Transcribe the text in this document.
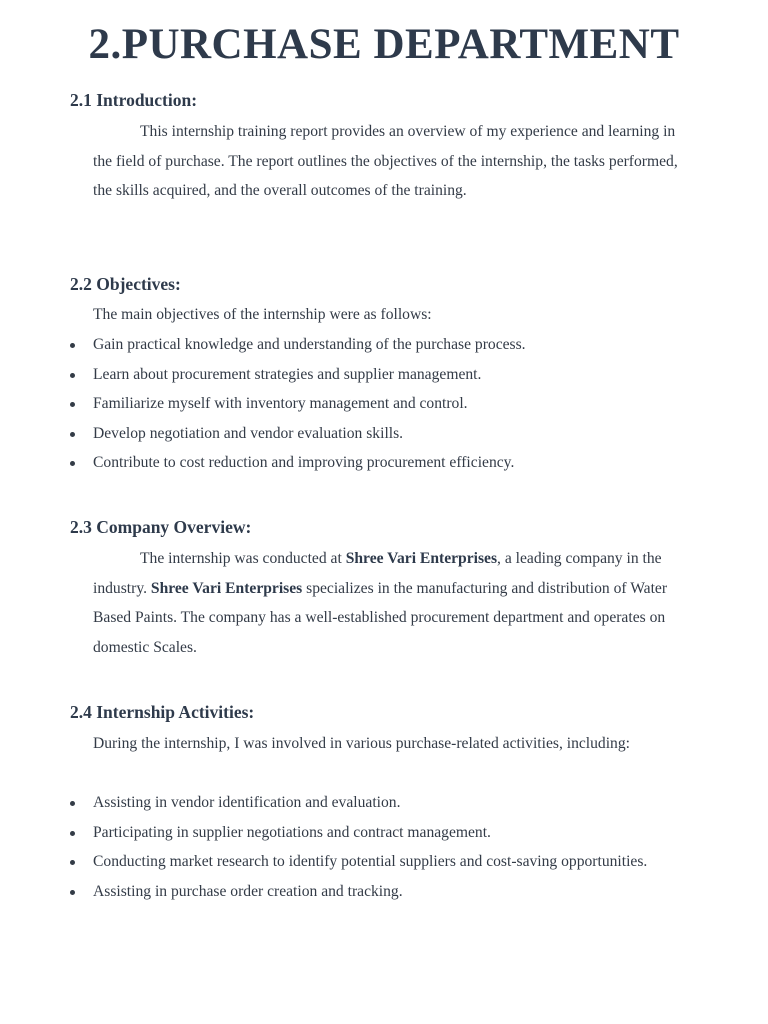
2.PURCHASE DEPARTMENT
2.1 Introduction:

This internship training report provides an overview of my experience and learning in the field of purchase. The report outlines the objectives of the internship, the tasks performed, the skills acquired, and the overall outcomes of the training.

2.2 Objectives:

The main objectives of the internship were as follows:

Gain practical knowledge and understanding of the purchase process.
Learn about procurement strategies and supplier management.
Familiarize myself with inventory management and control.
Develop negotiation and vendor evaluation skills.
Contribute to cost reduction and improving procurement efficiency.
2.3 Company Overview:

The internship was conducted at Shree Vari Enterprises, a leading company in the industry. Shree Vari Enterprises specializes in the manufacturing and distribution of Water Based Paints. The company has a well-established procurement department and operates on domestic Scales.

2.4 Internship Activities:

During the internship, I was involved in various purchase-related activities, including:

Assisting in vendor identification and evaluation.
Participating in supplier negotiations and contract management.
Conducting market research to identify potential suppliers and cost-saving opportunities.
Assisting in purchase order creation and tracking.
